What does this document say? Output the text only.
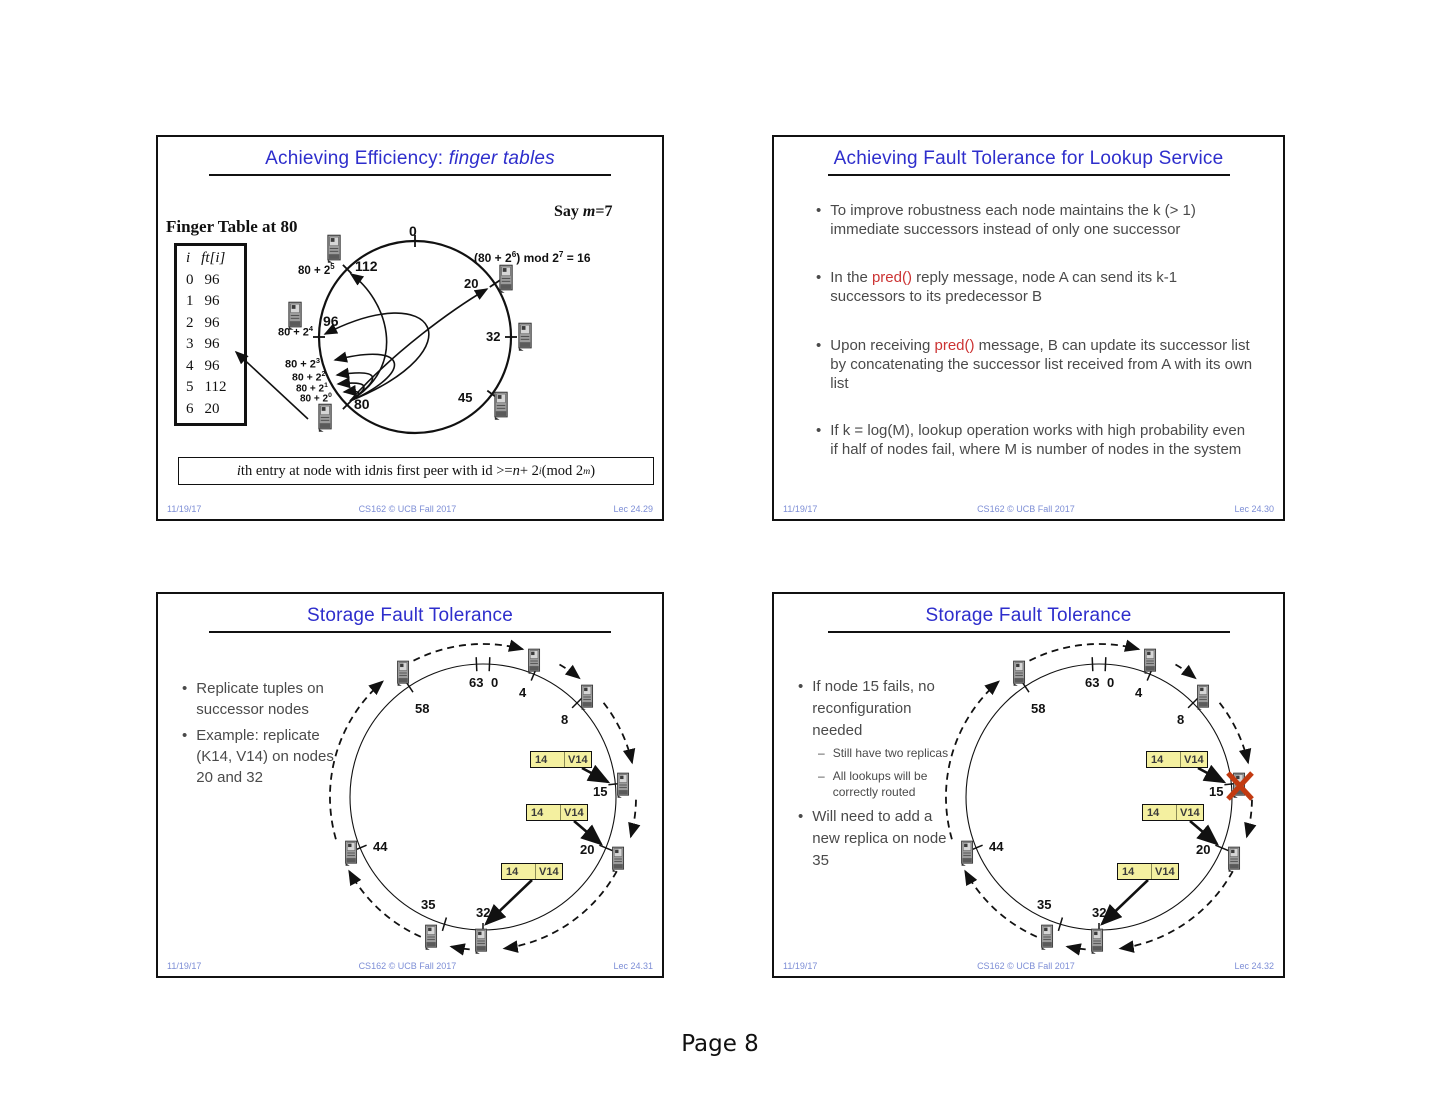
Achieving Efficiency: finger tables
Say m=7
Finger Table at 80
i ft[i]
0 96
1 96
2 96
3 96
4 96
5 112
6 20
0
112
96
20
32
45
80
$80 + 2^5$
$(80 + 2^6)$ mod $2^7 = 16$
$80 + 2^4$
$80 + 2^3$
$80 + 2^2$
$80 + 2^1$
$80 + 2^0$
i th entry at node with id n is first peer with id >= n + 2 i (mod 2 m )
11/19/17	CS162 © UCB Fall 2017	Lec 24.29
Achieving Fault Tolerance for Lookup Service
• To improve robustness each node maintains the k (> 1) immediate successors instead of only one successor
• In the pred() reply message, node A can send its k-1 successors to its predecessor B
• Upon receiving pred() message, B can update its successor list by concatenating the successor list received from A with its own list
• If k = log(M), lookup operation works with high probability even if half of nodes fail, where M is number of nodes in the system
11/19/17	CS162 © UCB Fall 2017	Lec 24.30
Storage Fault Tolerance
• Replicate tuples on successor nodes
• Example: replicate (K14, V14) on nodes 20 and 32
63 0
4
8
15
20
32
35
44
58
14	V14
14	V14
14	V14
11/19/17	CS162 © UCB Fall 2017	Lec 24.31
Storage Fault Tolerance
• If node 15 fails, no reconfiguration needed
– Still have two replicas
– All lookups will be correctly routed
• Will need to add a new replica on node 35
63 0
4
8
15
20
32
35
44
58
14	V14
14	V14
14	V14
11/19/17	CS162 © UCB Fall 2017	Lec 24.32
Page 8
